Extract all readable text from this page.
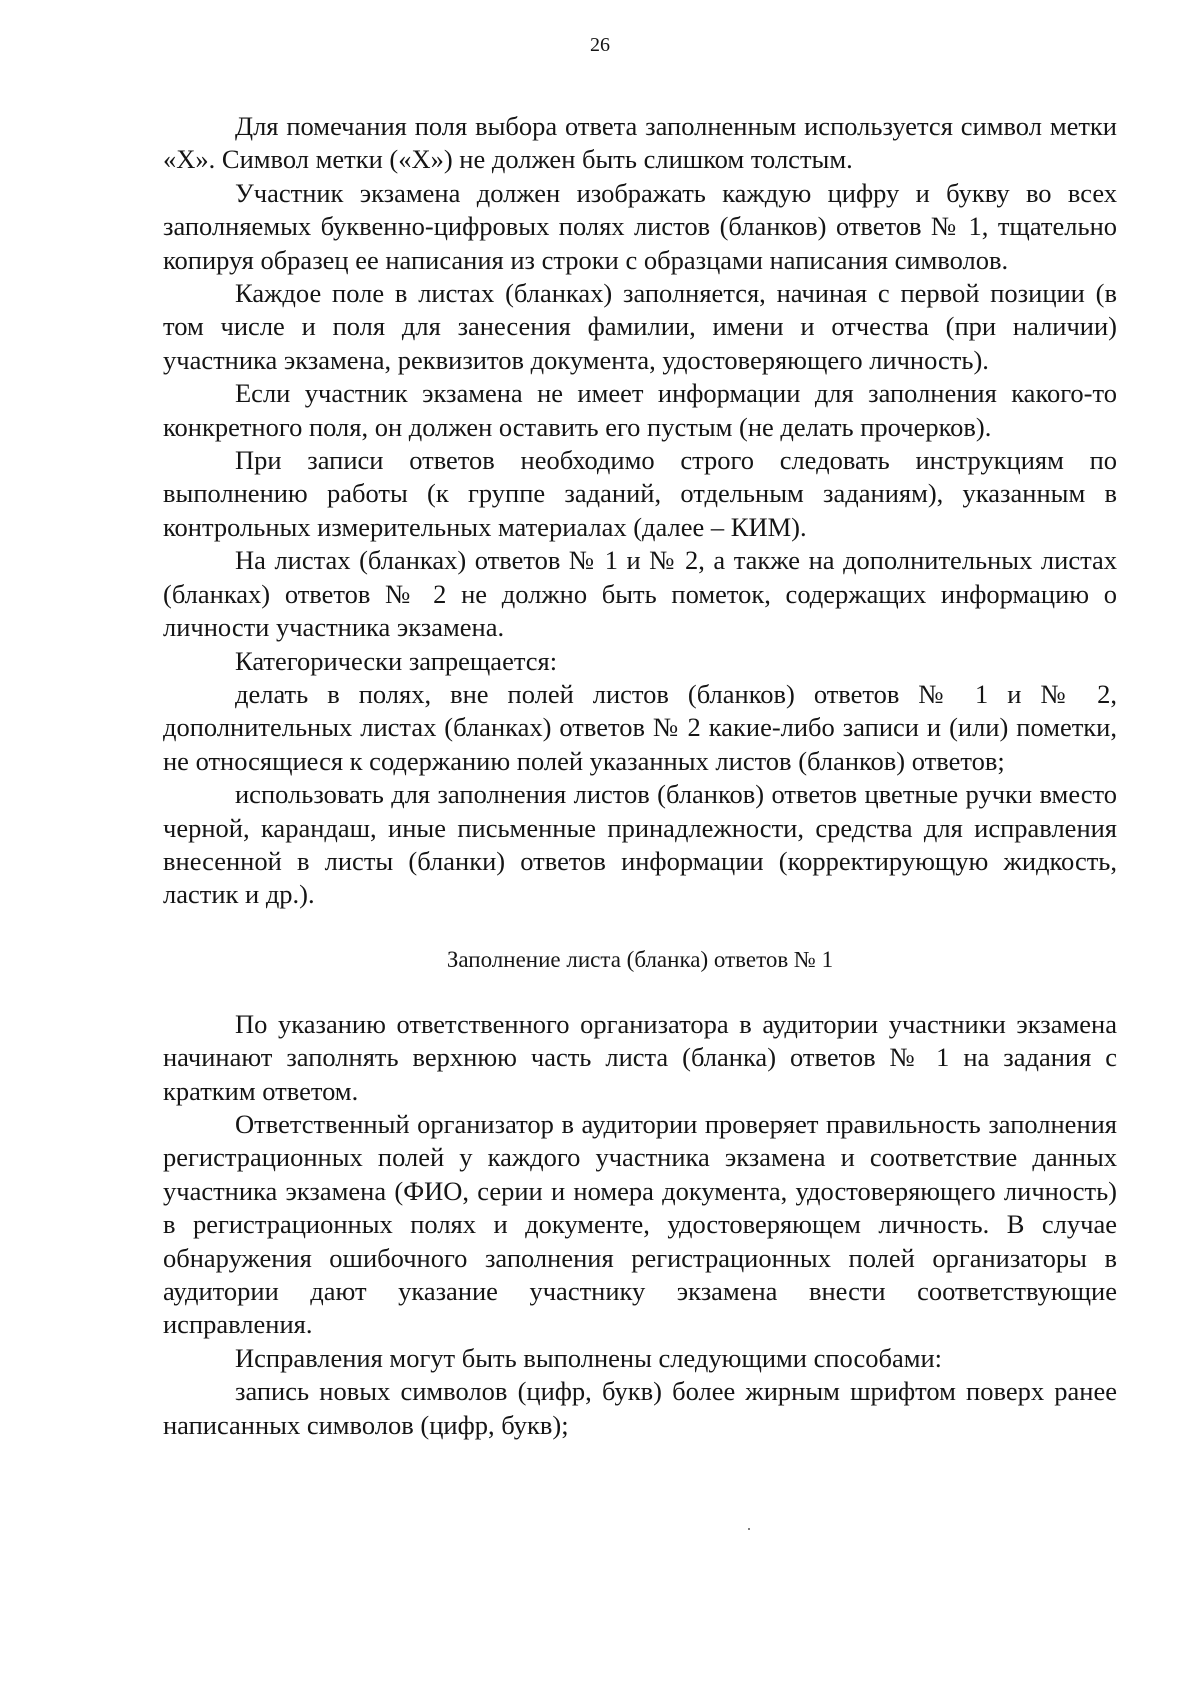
26

Для помечания поля выбора ответа заполненным используется символ метки «Х». Символ метки («Х») не должен быть слишком толстым.

Участник экзамена должен изображать каждую цифру и букву во всех заполняемых буквенно-цифровых полях листов (бланков) ответов № 1, тщательно копируя образец ее написания из строки с образцами написания символов.

Каждое поле в листах (бланках) заполняется, начиная с первой позиции (в том числе и поля для занесения фамилии, имени и отчества (при наличии) участника экзамена, реквизитов документа, удостоверяющего личность).

Если участник экзамена не имеет информации для заполнения какого-то конкретного поля, он должен оставить его пустым (не делать прочерков).

При записи ответов необходимо строго следовать инструкциям по выполнению работы (к группе заданий, отдельным заданиям), указанным в контрольных измерительных материалах (далее – КИМ).

На листах (бланках) ответов № 1 и № 2, а также на дополнительных листах (бланках) ответов № 2 не должно быть пометок, содержащих информацию о личности участника экзамена.

Категорически запрещается:

делать в полях, вне полей листов (бланков) ответов № 1 и № 2, дополнительных листах (бланках) ответов № 2 какие-либо записи и (или) пометки, не относящиеся к содержанию полей указанных листов (бланков) ответов;

использовать для заполнения листов (бланков) ответов цветные ручки вместо черной, карандаш, иные письменные принадлежности, средства для исправления внесенной в листы (бланки) ответов информации (корректирующую жидкость, ластик и др.).

Заполнение листа (бланка) ответов № 1

По указанию ответственного организатора в аудитории участники экзамена начинают заполнять верхнюю часть листа (бланка) ответов № 1 на задания с кратким ответом.

Ответственный организатор в аудитории проверяет правильность заполнения регистрационных полей у каждого участника экзамена и соответствие данных участника экзамена (ФИО, серии и номера документа, удостоверяющего личность) в регистрационных полях и документе, удостоверяющем личность. В случае обнаружения ошибочного заполнения регистрационных полей организаторы в аудитории дают указание участнику экзамена внести соответствующие исправления.

Исправления могут быть выполнены следующими способами:

запись новых символов (цифр, букв) более жирным шрифтом поверх ранее написанных символов (цифр, букв);
